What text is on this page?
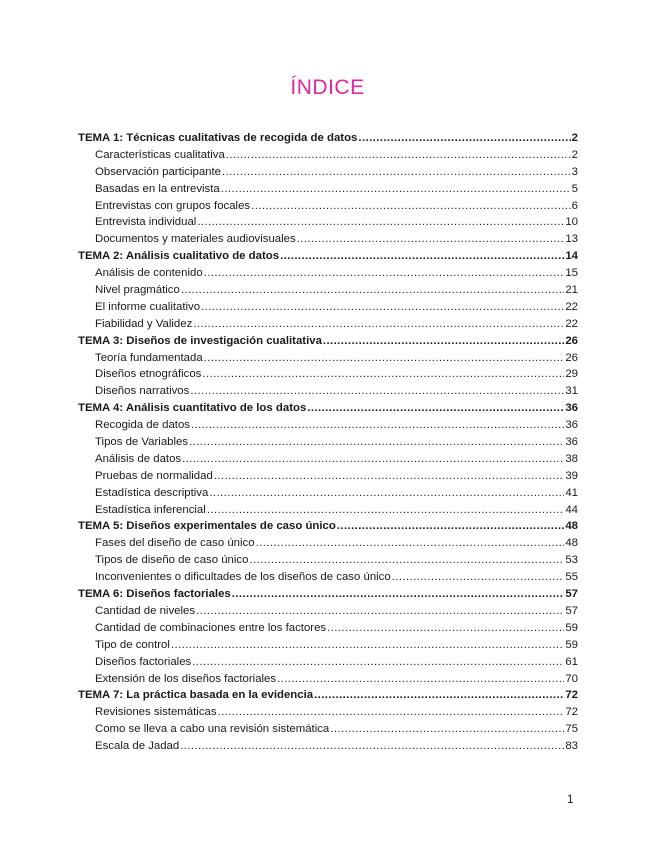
ÍNDICE
TEMA 1: Técnicas cualitativas de recogida de datos .....	2
Características cualitativa .....	2
Observación participante .....	3
Basadas en la entrevista .....	5
Entrevistas con grupos focales .....	6
Entrevista individual .....	10
Documentos y materiales audiovisuales .....	13
TEMA 2: Análisis cualitativo de datos .....	14
Análisis de contenido .....	15
Nivel pragmático .....	21
El informe cualitativo .....	22
Fiabilidad y Validez .....	22
TEMA 3: Diseños de investigación cualitativa .....	26
Teoría fundamentada .....	26
Diseños etnográficos .....	29
Diseños narrativos .....	31
TEMA 4: Análisis cuantitativo de los datos .....	36
Recogida de datos .....	36
Tipos de Variables .....	36
Análisis de datos .....	38
Pruebas de normalidad .....	39
Estadística descriptiva .....	41
Estadística inferencial .....	44
TEMA 5: Diseños experimentales de caso único .....	48
Fases del diseño de caso único .....	48
Tipos de diseño de caso único .....	53
Inconvenientes o dificultades de los diseños de caso único .....	55
TEMA 6: Diseños factoriales .....	57
Cantidad de niveles .....	57
Cantidad de combinaciones entre los factores .....	59
Tipo de control .....	59
Diseños factoriales .....	61
Extensión de los diseños factoriales .....	70
TEMA 7: La práctica basada en la evidencia .....	72
Revisiones sistemáticas .....	72
Como se lleva a cabo una revisión sistemática .....	75
Escala de Jadad .....	83
1
